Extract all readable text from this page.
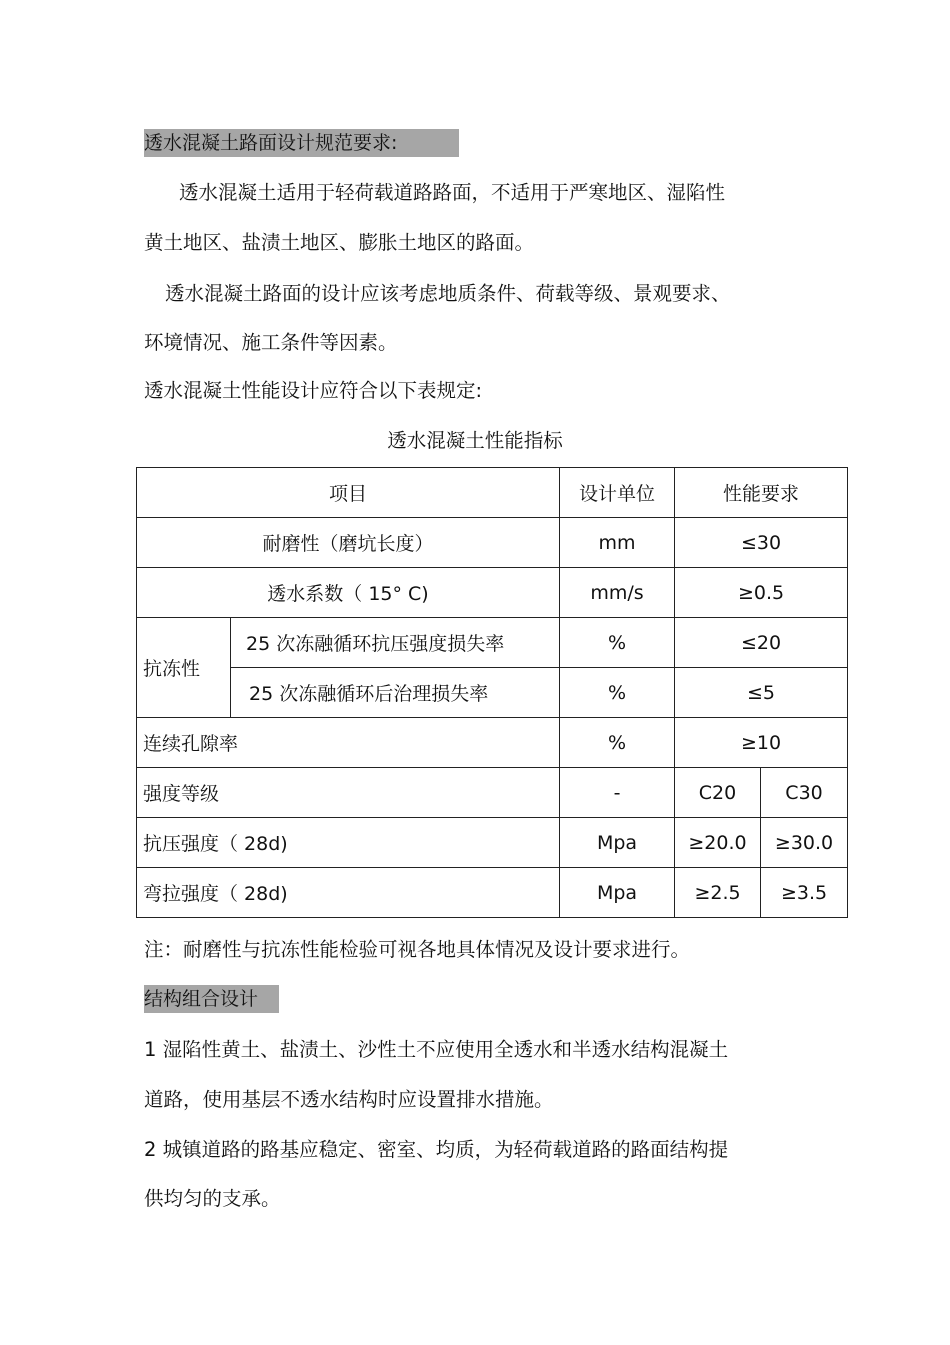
透水混凝土路面设计规范要求:
透水混凝土适用于轻荷载道路路面，不适用于严寒地区、湿陷性
黄土地区、盐渍土地区、膨胀土地区的路面。
透水混凝土路面的设计应该考虑地质条件、荷载等级、景观要求、
环境情况、施工条件等因素。
透水混凝土性能设计应符合以下表规定:
透水混凝土性能指标
项目		设计单位	性能要求	
耐磨性（磨坑长度）		mm	≤30	
透水系数（ 15° C)		mm/s	≥0.5	
抗冻性	25 次冻融循环抗压强度损失率	%	≤20	
	25 次冻融循环后治理损失率	%	≤5	
连续孔隙率		%	≥10	
强度等级		-	C20	C30
抗压强度（ 28d)		Mpa	≥20.0	≥30.0
弯拉强度（ 28d)		Mpa	≥2.5	≥3.5
注：耐磨性与抗冻性能检验可视各地具体情况及设计要求进行。
结构组合设计
1 湿陷性黄土、盐渍土、沙性土不应使用全透水和半透水结构混凝土
道路，使用基层不透水结构时应设置排水措施。
2 城镇道路的路基应稳定、密室、均质，为轻荷载道路的路面结构提
供均匀的支承。
